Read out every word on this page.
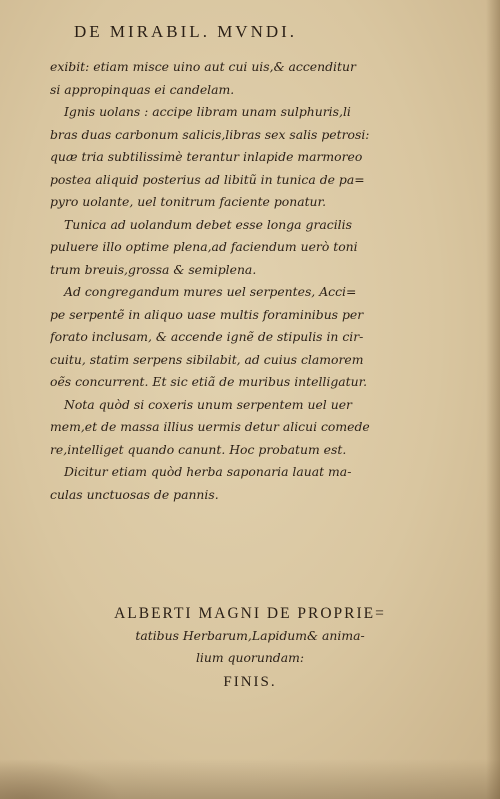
DE MIRABIL. MVNDI.
exibit: etiam misce uino aut cui uis,& accenditur
si appropinquas ei candelam.
Ignis uolans : accipe libram unam sulphuris,li
bras duas carbonum salicis,libras sex salis petrosi:
quæ tria subtilissimè terantur inlapide marmoreo
postea aliquid posterius ad libitũ in tunica de pa=
pyro uolante, uel tonitrum faciente ponatur.
Tunica ad uolandum debet esse longa gracilis
puluere illo optime plena,ad faciendum uerò toni
trum breuis,grossa & semiplena.
Ad congregandum mures uel serpentes, Acci=
pe serpentẽ in aliquo uase multis foraminibus per
forato inclusam, & accende ignẽ de stipulis in cir-
cuitu, statim serpens sibilabit, ad cuius clamorem
oẽs concurrent. Et sic etiã de muribus intelligatur.
Nota quòd si coxeris unum serpentem uel uer
mem,et de massa illius uermis detur alicui comede
re,intelliget quando canunt. Hoc probatum est.
Dicitur etiam quòd herba saponaria lauat ma-
culas unctuosas de pannis.
ALBERTI MAGNI DE PROPRIE=
tatibus Herbarum,Lapidum& anima-
lium quorundam:
FINIS.
